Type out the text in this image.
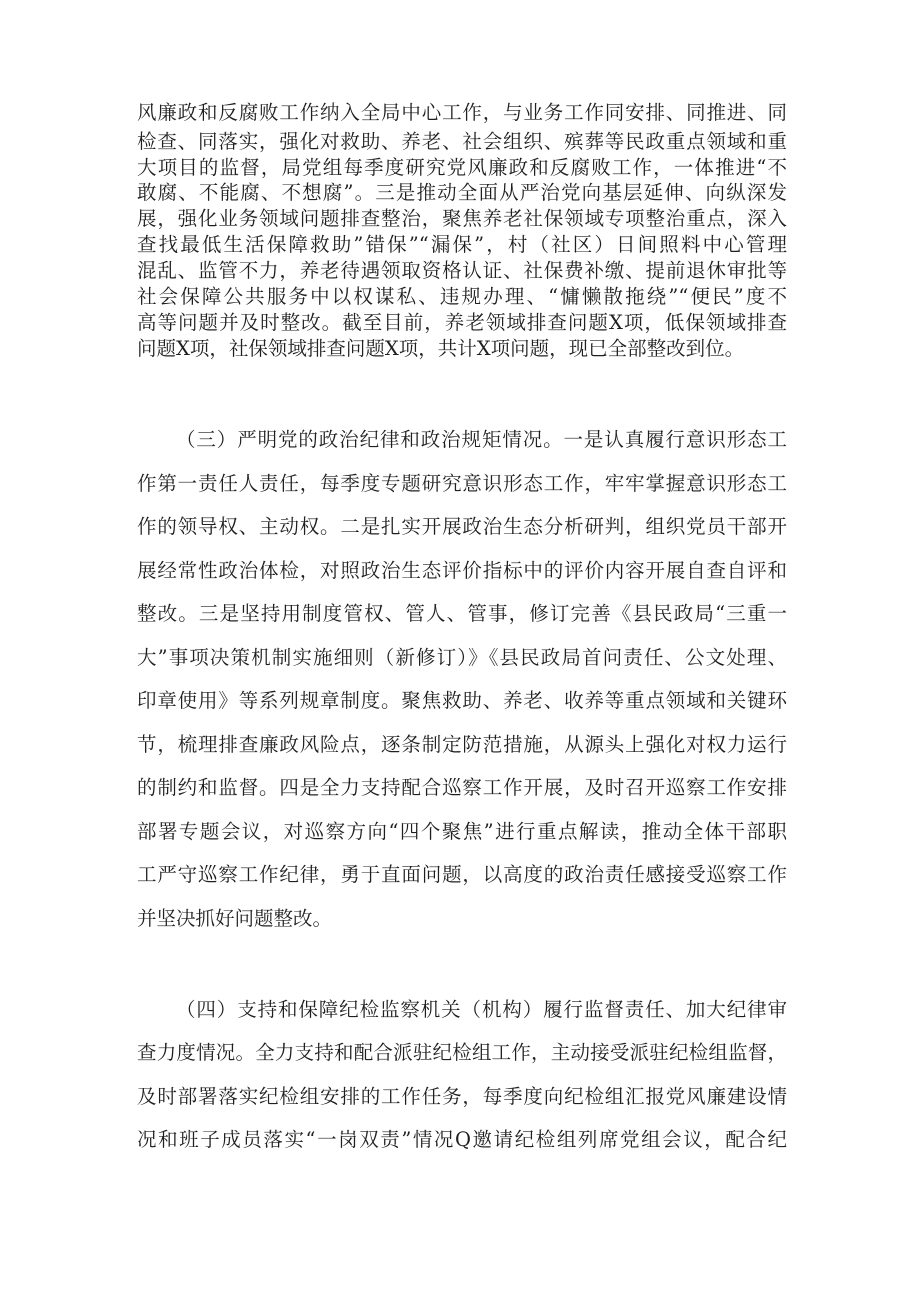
风廉政和反腐败工作纳入全局中心工作，与业务工作同安排、同推进、同

检查、同落实，强化对救助、养老、社会组织、殡葬等民政重点领域和重

大项目的监督，局党组每季度研究党风廉政和反腐败工作，一体推进“不

敢腐、不能腐、不想腐”。三是推动全面从严治党向基层延伸、向纵深发

展，强化业务领域问题排查整治，聚焦养老社保领域专项整治重点，深入

查找最低生活保障救助”错保”“漏保”，村（社区）日间照料中心管理

混乱、监管不力，养老待遇领取资格认证、社保费补缴、提前退休审批等

社会保障公共服务中以权谋私、违规办理、“慵懒散拖绕”“便民”度不

高等问题并及时整改。截至目前，养老领域排查问题X项，低保领域排查

问题X项，社保领域排查问题X项，共计X项问题，现已全部整改到位。

（三）严明党的政治纪律和政治规矩情况。一是认真履行意识形态工

作第一责任人责任，每季度专题研究意识形态工作，牢牢掌握意识形态工

作的领导权、主动权。二是扎实开展政治生态分析研判，组织党员干部开

展经常性政治体检，对照政治生态评价指标中的评价内容开展自查自评和

整改。三是坚持用制度管权、管人、管事，修订完善《县民政局“三重一

大”事项决策机制实施细则（新修订）》《县民政局首问责任、公文处理、

印章使用》等系列规章制度。聚焦救助、养老、收养等重点领域和关键环

节，梳理排查廉政风险点，逐条制定防范措施，从源头上强化对权力运行

的制约和监督。四是全力支持配合巡察工作开展，及时召开巡察工作安排

部署专题会议，对巡察方向“四个聚焦”进行重点解读，推动全体干部职

工严守巡察工作纪律，勇于直面问题，以高度的政治责任感接受巡察工作

并坚决抓好问题整改。

（四）支持和保障纪检监察机关（机构）履行监督责任、加大纪律审

查力度情况。全力支持和配合派驻纪检组工作，主动接受派驻纪检组监督，

及时部署落实纪检组安排的工作任务，每季度向纪检组汇报党风廉建设情

况和班子成员落实“一岗双责”情况Q邀请纪检组列席党组会议，配合纪
